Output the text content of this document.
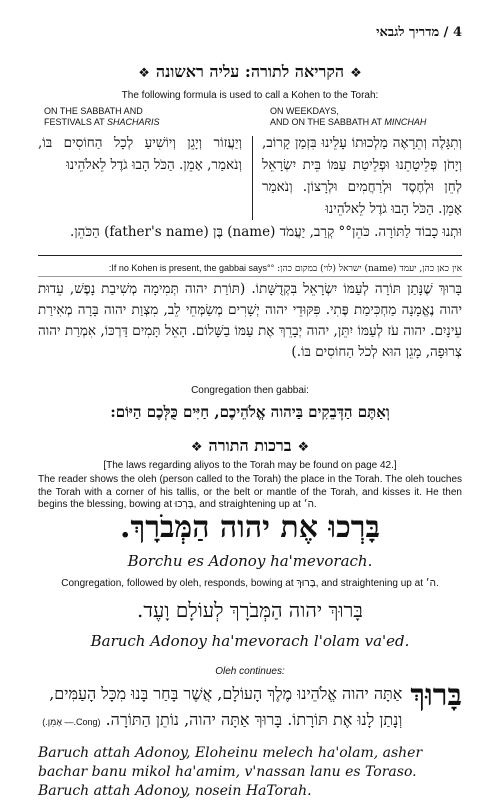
4 / מדריך לגבאי
❖הקריאה לתורה: עליה ראשונה❖
The following formula is used to call a Kohen to the Torah:
ON THE SABBATH AND
FESTIVALS AT SHACHARIS
ON WEEKDAYS,
AND ON THE SABBATH AT MINCHAH
וְיַעֲזוֹר וְיָגֵן וְיוֹשִׁיעַ לְכָל הַחוֹסִים בּוֹ, וְנֹאמַר, אָמֵן. הַכֹּל הָבוּ גֹדֶל לֵאלֹהֵינוּ
וְתִגָּלֶה וְתֵרָאֶה מַלְכוּתוֹ עָלֵינוּ בִּזְמַן קָרוֹב, וְיָחֹן פְּלֵיטָתֵנוּ וּפְלֵיטַת עַמּוֹ בֵּית יִשְׂרָאֵל לְחֵן וּלְחֶסֶד וּלְרַחֲמִים וּלְרָצוֹן. וְנֹאמַר אָמֵן. הַכֹּל הָבוּ גֹדֶל לֵאלֹהֵינוּ
וּתְנוּ כָבוֹד לַתּוֹרָה. כֹּהֵן°° קְרַב, יַעֲמֹד (name) בֶּן (father's name) הַכֹּהֵן.
אין כאן כהן, יעמד (name) ישראל (לוי) במקום כהן: °°If no Kohen is present, the gabbai says:
בָּרוּךְ שֶׁנָּתַן תּוֹרָה לְעַמּוֹ יִשְׂרָאֵל בִּקְדֻשָּׁתוֹ. (תּוֹרַת יהוה תְּמִימָה מְשִׁיבַת נָפֶשׁ, עֵדוּת יהוה נֶאֱמָנָה מַחְכִּימַת פֶּתִי. פִּקּוּדֵי יהוה יְשָׁרִים מְשַׂמְּחֵי לֵב, מִצְוַת יהוה בָּרָה מְאִירַת עֵינָיִם. יהוה עֹז לְעַמּוֹ יִתֵּן, יהוה יְבָרֵךְ אֶת עַמּוֹ בַשָּׁלוֹם. הָאֵל תָּמִים דַּרְכּוֹ, אִמְרַת יהוה צְרוּפָה, מָגֵן הוּא לְכֹל הַחוֹסִים בּוֹ.)
Congregation then gabbai:
וְאַתֶּם הַדְּבֵקִים בַּיהוה אֱלֹהֵיכֶם, חַיִּים כֻּלְּכֶם הַיּוֹם:
❖ברכות התורה❖
[The laws regarding aliyos to the Torah may be found on page 42.]
The reader shows the oleh (person called to the Torah) the place in the Torah. The oleh touches the Torah with a corner of his tallis, or the belt or mantle of the Torah, and kisses it. He then begins the blessing, bowing at בָּרְכוּ, and straightening up at ה׳.
בָּרְכוּ אֶת יהוה הַמְּבֹרָךְ.
Borchu es Adonoy ha'mevorach.
Congregation, followed by oleh, responds, bowing at בָּרוּךְ, and straightening up at ה׳.
בָּרוּךְ יהוה הַמְּבֹרָךְ לְעוֹלָם וָעֶד.
Baruch Adonoy ha'mevorach l'olam va'ed.
Oleh continues:
בָּרוּךְ
אַתָּה יהוה אֱלֹהֵינוּ מֶלֶךְ הָעוֹלָם, אֲשֶׁר בָּחַר בָּנוּ מִכָּל הָעַמִּים, וְנָתַן לָנוּ אֶת תּוֹרָתוֹ. בָּרוּךְ אַתָּה יהוה, נוֹתֵן הַתּוֹרָה. (Cong.— אָמֵן.)
Baruch attah Adonoy, Eloheinu melech ha'olam, asher bachar banu mikol ha'amim, v'nassan lanu es Toraso. Baruch attah Adonoy, nosein HaTorah.
